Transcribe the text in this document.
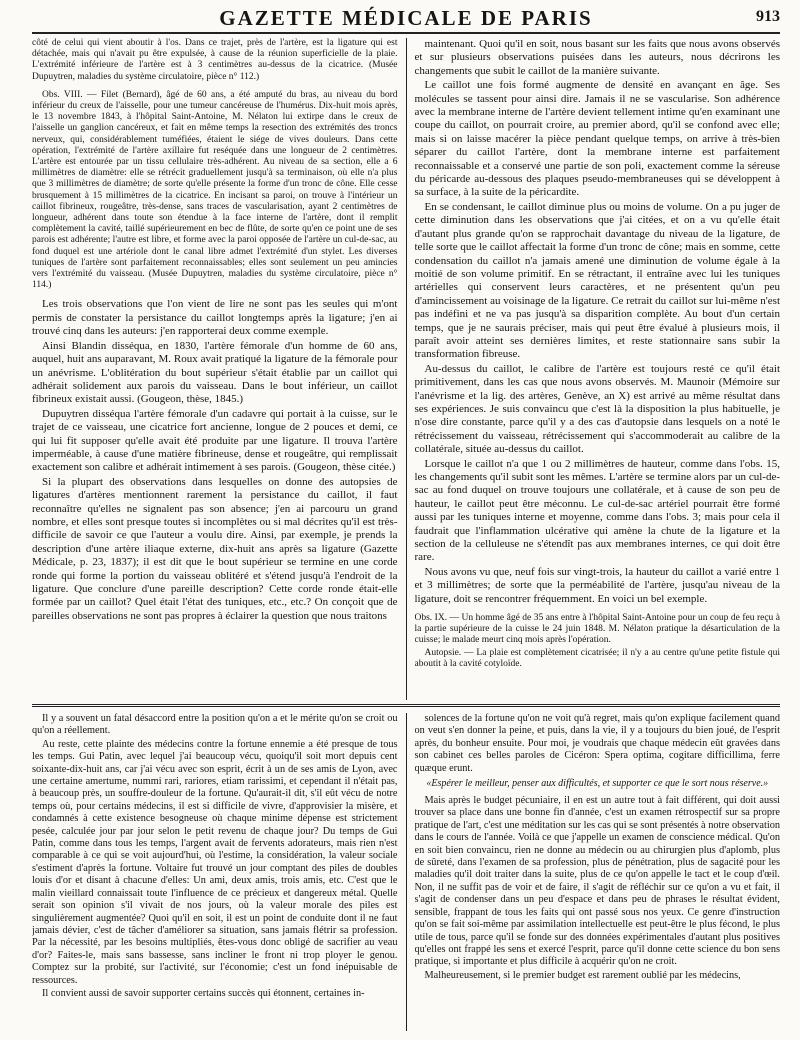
GAZETTE MÉDICALE DE PARIS	913

côté de celui qui vient aboutir à l'os. Dans ce trajet, près de l'artère, est la ligature qui est détachée, mais qui n'avait pu être expulsée, à cause de la réunion superficielle de la plaie. L'extrémité inférieure de l'artère est à 3 centimètres au-dessus de la cicatrice. (Musée Dupuytren, maladies du système circulatoire, pièce n° 112.)

Obs. VIII. — Filet (Bernard), âgé de 60 ans, a été amputé du bras, au niveau du bord inférieur du creux de l'aisselle, pour une tumeur cancéreuse de l'humérus. Dix-huit mois après, le 13 novembre 1843, à l'hôpital Saint-Antoine, M. Nélaton lui extirpe dans le creux de l'aisselle un ganglion cancéreux, et fait en même temps la resection des extrémités des troncs nerveux, qui, considérablement tuméfiées, étaient le siége de vives douleurs. Dans cette opération, l'extrémité de l'artère axillaire fut reséquée dans une longueur de 2 centimètres. L'artère est entourée par un tissu cellulaire très-adhérent. Au niveau de sa section, elle a 6 millimètres de diamètre: elle se rétrécit graduellement jusqu'à sa terminaison, où elle n'a plus que 3 millimètres de diamètre; de sorte qu'elle présente la forme d'un tronc de cône. Elle cesse brusquement à 15 millimètres de la cicatrice. En incisant sa paroi, on trouve à l'intérieur un caillot fibrineux, rougeâtre, très-dense, sans traces de vascularisation, ayant 2 centimètres de longueur, adhérent dans toute son étendue à la face interne de l'artère, dont il remplit complètement la cavité, taillé supérieurement en bec de flûte, de sorte qu'en ce point une de ses parois est adhérente; l'autre est libre, et forme avec la paroi opposée de l'artère un cul-de-sac, au fond duquel est une artériole dont le canal libre admet l'extrémité d'un stylet. Les diverses tuniques de l'artère sont parfaitement reconnaissables; elles sont seulement un peu amincies vers l'extrémité du vaisseau. (Musée Dupuytren, maladies du système circulatoire, pièce n° 114.)

Les trois observations que l'on vient de lire ne sont pas les seules qui m'ont permis de constater la persistance du caillot longtemps après la ligature; j'en ai trouvé cinq dans les auteurs: j'en rapporterai deux comme exemple.

Ainsi Blandin disséqua, en 1830, l'artère fémorale d'un homme de 60 ans, auquel, huit ans auparavant, M. Roux avait pratiqué la ligature de la fémorale pour un anévrisme. L'oblitération du bout supérieur s'était établie par un caillot qui adhérait solidement aux parois du vaisseau. Dans le bout inférieur, un caillot fibrineux existait aussi. (Gougeon, thèse, 1845.)

Dupuytren disséqua l'artère fémorale d'un cadavre qui portait à la cuisse, sur le trajet de ce vaisseau, une cicatrice fort ancienne, longue de 2 pouces et demi, ce qui lui fit supposer qu'elle avait été produite par une ligature. Il trouva l'artère imperméable, à cause d'une matière fibrineuse, dense et rougeâtre, qui remplissait exactement son calibre et adhérait intimement à ses parois. (Gougeon, thèse citée.)

Si la plupart des observations dans lesquelles on donne des autopsies de ligatures d'artères mentionnent rarement la persistance du caillot, il faut reconnaître qu'elles ne signalent pas son absence; j'en ai parcouru un grand nombre, et elles sont presque toutes si incomplètes ou si mal décrites qu'il est très-difficile de savoir ce que l'auteur a voulu dire. Ainsi, par exemple, je prends la description d'une artère iliaque externe, dix-huit ans après sa ligature (Gazette Médicale, p. 23, 1837); il est dit que le bout supérieur se termine en une corde ronde qui forme la portion du vaisseau oblitéré et s'étend jusqu'à l'endroit de la ligature. Que conclure d'une pareille description? Cette corde ronde était-elle formée par un caillot? Quel était l'état des tuniques, etc., etc.? On conçoit que de pareilles observations ne sont pas propres à éclairer la question que nous traitons

maintenant. Quoi qu'il en soit, nous basant sur les faits que nous avons observés et sur plusieurs observations puisées dans les auteurs, nous décrirons les changements que subit le caillot de la manière suivante.

Le caillot une fois formé augmente de densité en avançant en âge. Ses molécules se tassent pour ainsi dire. Jamais il ne se vascularise. Son adhérence avec la membrane interne de l'artère devient tellement intime qu'en examinant une coupe du caillot, on pourrait croire, au premier abord, qu'il se confond avec elle; mais si on laisse macérer la pièce pendant quelque temps, on arrive à très-bien séparer du caillot l'artère, dont la membrane interne est parfaitement reconnaissable et a conservé une partie de son poli, exactement comme la séreuse du péricarde au-dessous des plaques pseudo-membraneuses qui se développent à sa surface, à la suite de la péricardite.

En se condensant, le caillot diminue plus ou moins de volume. On a pu juger de cette diminution dans les observations que j'ai citées, et on a vu qu'elle était d'autant plus grande qu'on se rapprochait davantage du niveau de la ligature, de telle sorte que le caillot affectait la forme d'un tronc de cône; mais en somme, cette condensation du caillot n'a jamais amené une diminution de volume égale à la moitié de son volume primitif. En se rétractant, il entraîne avec lui les tuniques artérielles qui conservent leurs caractères, et ne présentent qu'un peu d'amincissement au voisinage de la ligature. Ce retrait du caillot sur lui-même n'est pas indéfini et ne va pas jusqu'à sa disparition complète. Au bout d'un certain temps, que je ne saurais préciser, mais qui peut être évalué à plusieurs mois, il paraît avoir atteint ses dernières limites, et reste stationnaire sans subir la transformation fibreuse.

Au-dessus du caillot, le calibre de l'artère est toujours resté ce qu'il était primitivement, dans les cas que nous avons observés. M. Maunoir (Mémoire sur l'anévrisme et la lig. des artères, Genève, an X) est arrivé au même résultat dans ses expériences. Je suis convaincu que c'est là la disposition la plus habituelle, je n'ose dire constante, parce qu'il y a des cas d'autopsie dans lesquels on a noté le rétrécissement du vaisseau, rétrécissement qui s'accommoderait au calibre de la collatérale, située au-dessus du caillot.

Lorsque le caillot n'a que 1 ou 2 millimètres de hauteur, comme dans l'obs. 15, les changements qu'il subit sont les mêmes. L'artère se termine alors par un cul-de-sac au fond duquel on trouve toujours une collatérale, et à cause de son peu de hauteur, le caillot peut être méconnu. Le cul-de-sac artériel pourrait être formé aussi par les tuniques interne et moyenne, comme dans l'obs. 3; mais pour cela il faudrait que l'inflammation ulcérative qui amène la chute de la ligature et la section de la celluleuse ne s'étendît pas aux membranes internes, ce qui doit être rare.

Nous avons vu que, neuf fois sur vingt-trois, la hauteur du caillot a varié entre 1 et 3 millimètres; de sorte que la perméabilité de l'artère, jusqu'au niveau de la ligature, doit se rencontrer fréquemment. En voici un bel exemple.

Obs. IX. — Un homme âgé de 35 ans entre à l'hôpital Saint-Antoine pour un coup de feu reçu à la partie supérieure de la cuisse le 24 juin 1848. M. Nélaton pratique la désarticulation de la cuisse; le malade meurt cinq mois après l'opération.

Autopsie. — La plaie est complètement cicatrisée; il n'y a au centre qu'une petite fistule qui aboutit à la cavité cotyloïde.

Il y a souvent un fatal désaccord entre la position qu'on a et le mérite qu'on se croit ou qu'on a réellement.

Au reste, cette plainte des médecins contre la fortune ennemie a été presque de tous les temps. Gui Patin, avec lequel j'ai beaucoup vécu, quoiqu'il soit mort depuis cent soixante-dix-huit ans, car j'ai vécu avec son esprit, écrit à un de ses amis de Lyon, avec une certaine amertume, nummi rari, rariores, etiam rarissimi, et cependant il n'était pas, à beaucoup près, un souffre-douleur de la fortune. Qu'aurait-il dit, s'il eût vécu de notre temps où, pour certains médecins, il est si difficile de vivre, d'approvisier la misère, et condamnés à cette existence besogneuse où chaque minime dépense est strictement pesée, calculée jour par jour selon le petit revenu de chaque jour? Du temps de Gui Patin, comme dans tous les temps, l'argent avait de fervents adorateurs, mais rien n'est comparable à ce qui se voit aujourd'hui, où l'estime, la considération, la valeur sociale s'estiment d'après la fortune. Voltaire fut trouvé un jour comptant des piles de doubles louis d'or et disant à chacune d'elles: Un ami, deux amis, trois amis, etc. C'est que le malin vieillard connaissait toute l'influence de ce précieux et dangereux métal. Quelle serait son opinion s'il vivait de nos jours, où la valeur morale des piles est singulièrement augmentée? Quoi qu'il en soit, il est un point de conduite dont il ne faut jamais dévier, c'est de tâcher d'améliorer sa situation, sans jamais flétrir sa profession. Par la nécessité, par les besoins multipliés, êtes-vous donc obligé de sacrifier au veau d'or? Faites-le, mais sans bassesse, sans incliner le front ni trop ployer le genou. Comptez sur la probité, sur l'activité, sur l'économie; c'est un fond inépuisable de ressources.

Il convient aussi de savoir supporter certains succès qui étonnent, certaines in-

solences de la fortune qu'on ne voit qu'à regret, mais qu'on explique facilement quand on veut s'en donner la peine, et puis, dans la vie, il y a toujours du bien joué, de l'esprit après, du bonheur ensuite. Pour moi, je voudrais que chaque médecin eût gravées dans son cabinet ces belles paroles de Cicéron: Spera optima, cogitare difficillima, ferre quæque erunt.

«Espérer le meilleur, penser aux difficultés, et supporter ce que le sort nous réserve.»

Mais après le budget pécuniaire, il en est un autre tout à fait différent, qui doit aussi trouver sa place dans une bonne fin d'année, c'est un examen rétrospectif sur sa propre pratique de l'art, c'est une méditation sur les cas qui se sont présentés à notre observation dans le cours de l'année. Voilà ce que j'appelle un examen de conscience médical. Qu'on en soit bien convaincu, rien ne donne au médecin ou au chirurgien plus d'aplomb, plus de sûreté, dans l'examen de sa profession, plus de pénétration, plus de sagacité pour les maladies qu'il doit traiter dans la suite, plus de ce qu'on appelle le tact et le coup d'œil. Non, il ne suffit pas de voir et de faire, il s'agit de réfléchir sur ce qu'on a vu et fait, il s'agit de condenser dans un peu d'espace et dans peu de phrases le résultat évident, sensible, frappant de tous les faits qui ont passé sous nos yeux. Ce genre d'instruction qu'on se fait soi-même par assimilation intellectuelle est peut-être le plus fécond, le plus utile de tous, parce qu'il se fonde sur des données expérimentales d'autant plus positives qu'elles ont frappé les sens et exercé l'esprit, parce qu'il donne cette science du bon sens pratique, si importante et plus difficile à acquérir qu'on ne croit.

Malheureusement, si le premier budget est rarement oublié par les médecins,
